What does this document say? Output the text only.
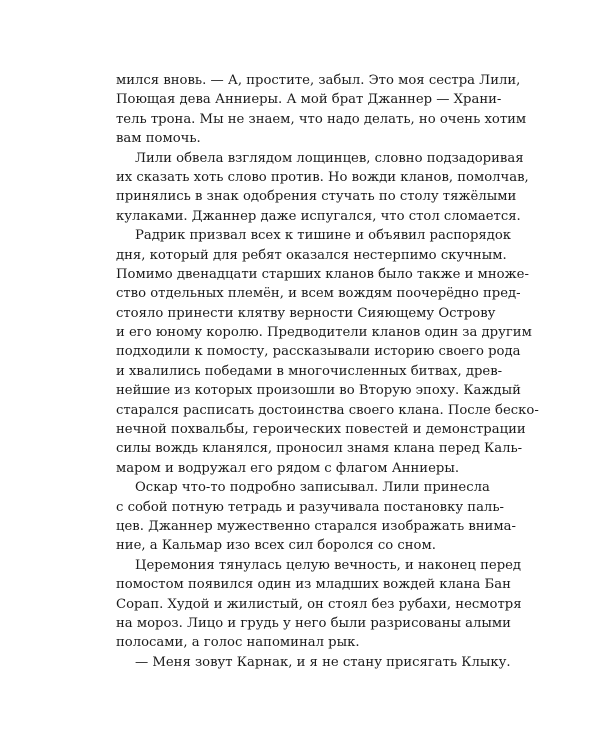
мился вновь. — А, простите, забыл. Это моя сестра Лили,
Поющая дева Анниеры. А мой брат Джаннер — Храни-
тель трона. Мы не знаем, что надо делать, но очень хотим
вам помочь.
Лили обвела взглядом лощинцев, словно подзадоривая
их сказать хоть слово против. Но вожди кланов, помолчав,
принялись в знак одобрения стучать по столу тяжёлыми
кулаками. Джаннер даже испугался, что стол сломается.
Радрик призвал всех к тишине и объявил распорядок
дня, который для ребят оказался нестерпимо скучным.
Помимо двенадцати старших кланов было также и множе-
ство отдельных племён, и всем вождям поочерёдно пред-
стояло принести клятву верности Сияющему Острову
и его юному королю. Предводители кланов один за другим
подходили к помосту, рассказывали историю своего рода
и хвалились победами в многочисленных битвах, древ-
нейшие из которых произошли во Вторую эпоху. Каждый
старался расписать достоинства своего клана. После беско-
нечной похвальбы, героических повестей и демонстрации
силы вождь кланялся, проносил знамя клана перед Каль-
маром и водружал его рядом с флагом Анниеры.
Оскар что-то подробно записывал. Лили принесла
с собой потную тетрадь и разучивала постановку паль-
цев. Джаннер мужественно старался изображать внима-
ние, а Кальмар изо всех сил боролся со сном.
Церемония тянулась целую вечность, и наконец перед
помостом появился один из младших вождей клана Бан
Сорап. Худой и жилистый, он стоял без рубахи, несмотря
на мороз. Лицо и грудь у него были разрисованы алыми
полосами, а голос напоминал рык.
— Меня зовут Карнак, и я не стану присягать Клыку.
